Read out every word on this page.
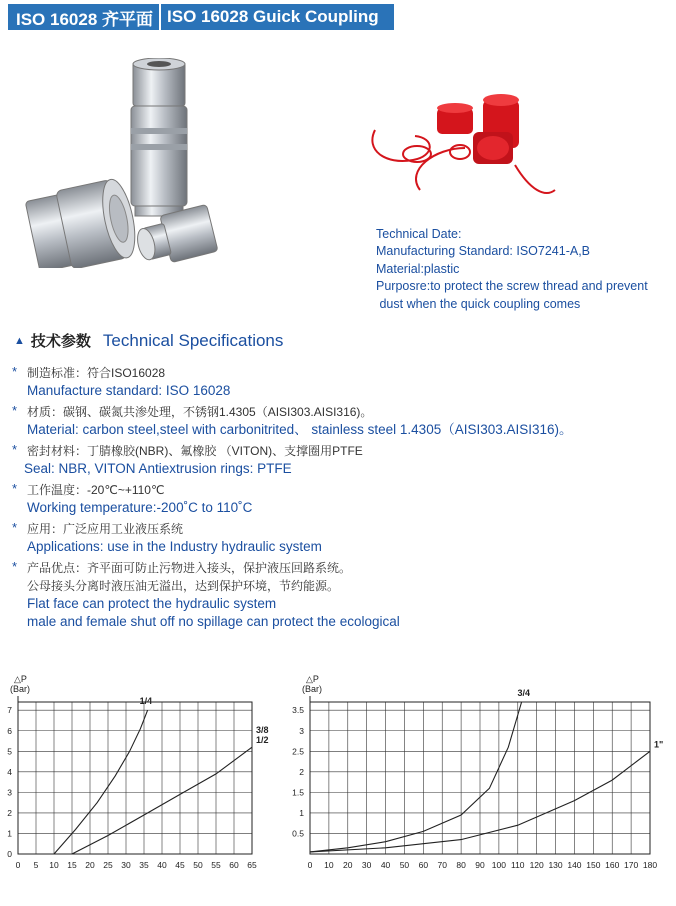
ISO 16028 齐平面 ISO 16028 Guick Coupling
Technical Date:
Manufacturing Standard: ISO7241-A,B
Material:plastic
Purposre:to protect the screw thread and prevent
dust when the quick coupling comes
▲ 技术参数 Technical Specifications
* 制造标准：符合ISO16028
Manufacture standard: ISO 16028
* 材质：碳钢、碳氮共渗处理，不锈钢1.4305（AISI303.AISI316)。
Material: carbon steel,steel with carbonitrited、 stainless steel 1.4305（AISI303.AISI316)。
* 密封材料：丁腈橡胶(NBR)、氟橡胶 （VITON)、支撑圈用PTFE
Seal: NBR, VITON Antiextrusion rings: PTFE
* 工作温度：-20℃~+110℃
Working temperature:-200˚C to 110˚C
* 应用：广泛应用工业液压系统
Applications: use in the Industry hydraulic system
* 产品优点：齐平面可防止污物进入接头，保护液压回路系统。
公母接头分离时液压油无溢出，达到保护环境，节约能源。
Flat face can protect the hydraulic system
male and female shut off no spillage can protect the ecological
△P
(Bar)
0 5 10 15 20 25 30 35 40 45 50 55 60 65
0
1
2
3
4
5
6
7
1/4
3/8
1/2
△P
(Bar)
0 10 20 30 40 50 60 70 80 90 100 110 120 130 140 150 160 170 180
0.5
1
1.5
2
2.5
3
3.5
3/4
1"
